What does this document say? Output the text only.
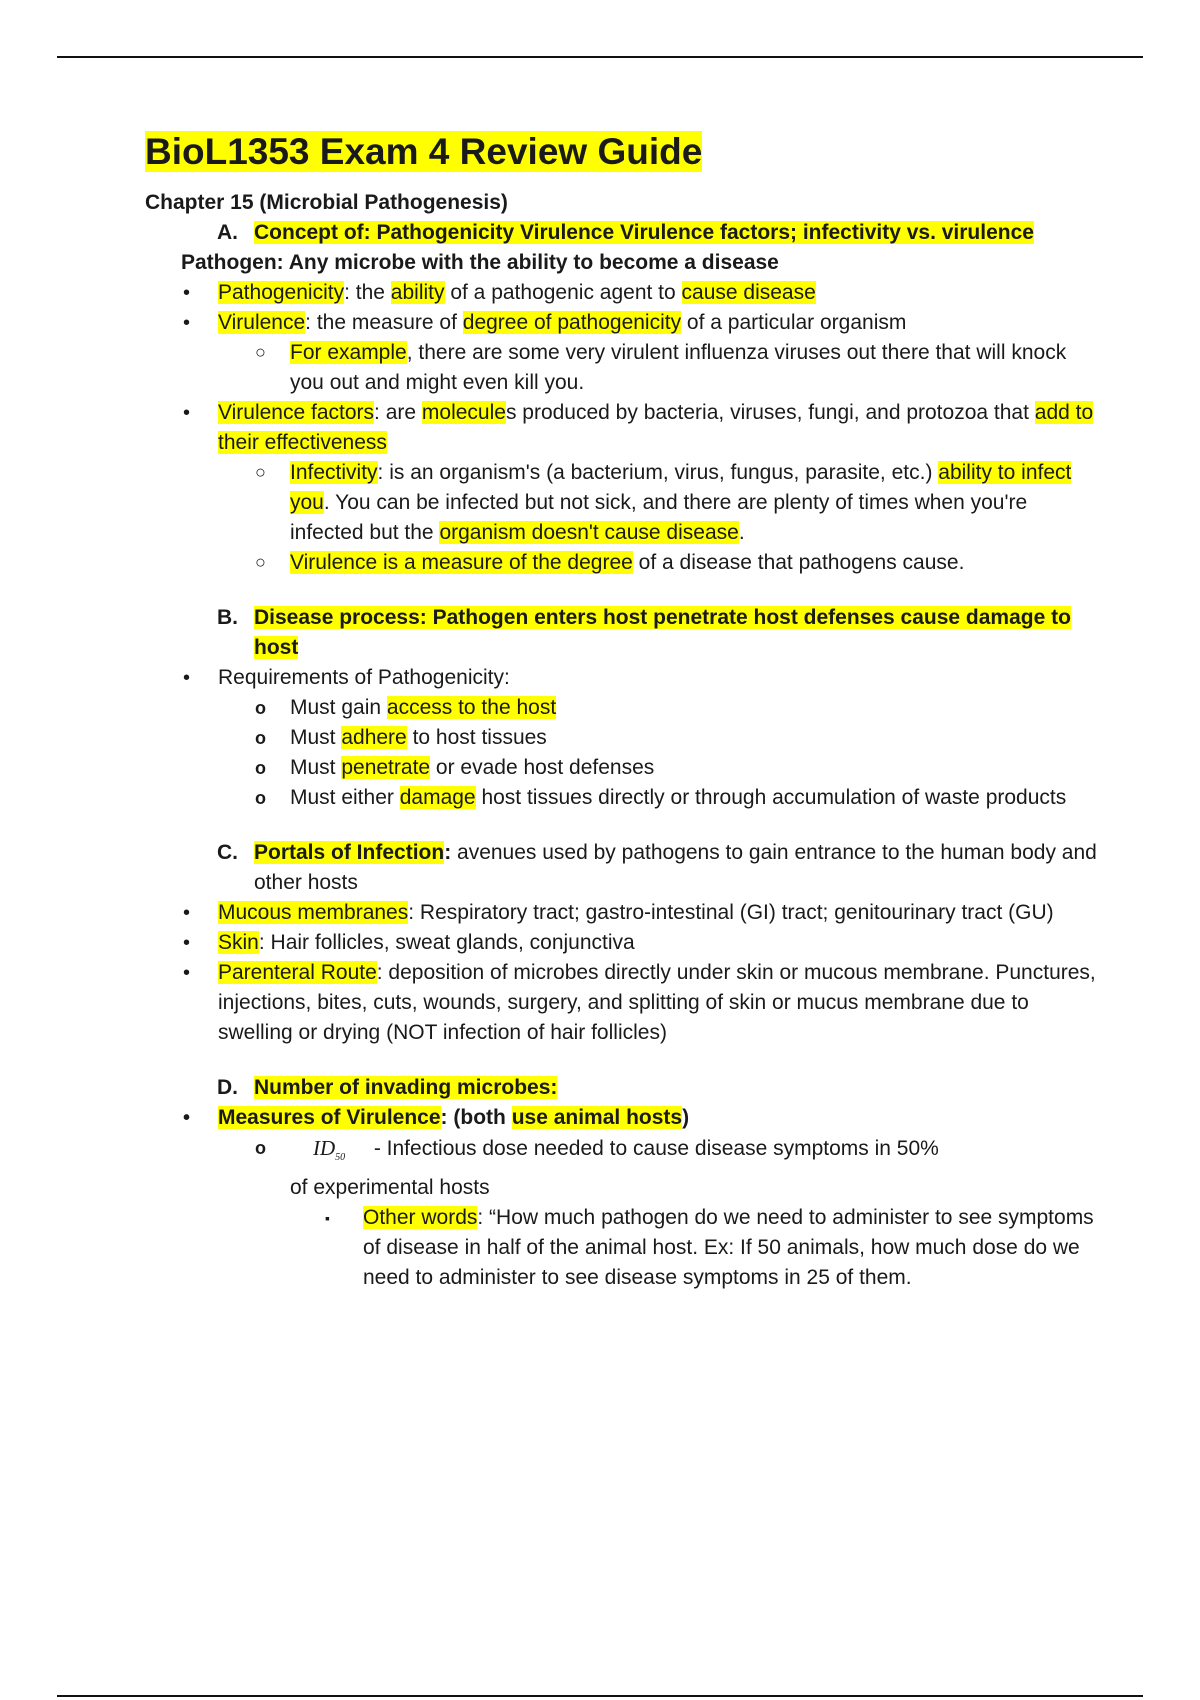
BioL1353 Exam 4 Review Guide

Chapter 15 (Microbial Pathogenesis)

A. Concept of: Pathogenicity Virulence Virulence factors; infectivity vs. virulence

Pathogen: Any microbe with the ability to become a disease

• Pathogenicity: the ability of a pathogenic agent to cause disease

• Virulence: the measure of degree of pathogenicity of a particular organism

○ For example, there are some very virulent influenza viruses out there that will knock you out and might even kill you.

• Virulence factors: are molecules produced by bacteria, viruses, fungi, and protozoa that add to their effectiveness

○ Infectivity: is an organism's (a bacterium, virus, fungus, parasite, etc.) ability to infect you. You can be infected but not sick, and there are plenty of times when you're infected but the organism doesn't cause disease.

○ Virulence is a measure of the degree of a disease that pathogens cause.

B. Disease process: Pathogen enters host penetrate host defenses cause damage to host

• Requirements of Pathogenicity:

o Must gain access to the host

o Must adhere to host tissues

o Must penetrate or evade host defenses

o Must either damage host tissues directly or through accumulation of waste products

C. Portals of Infection: avenues used by pathogens to gain entrance to the human body and other hosts

• Mucous membranes: Respiratory tract; gastro-intestinal (GI) tract; genitourinary tract (GU)

• Skin: Hair follicles, sweat glands, conjunctiva

• Parenteral Route: deposition of microbes directly under skin or mucous membrane. Punctures, injections, bites, cuts, wounds, surgery, and splitting of skin or mucus membrane due to swelling or drying (NOT infection of hair follicles)

D. Number of invading microbes:

• Measures of Virulence: (both use animal hosts)

o $ID_{50}$ - Infectious dose needed to cause disease symptoms in 50%
of experimental hosts

▪ Other words: “How much pathogen do we need to administer to see symptoms of disease in half of the animal host. Ex: If 50 animals, how much dose do we need to administer to see disease symptoms in 25 of them.
